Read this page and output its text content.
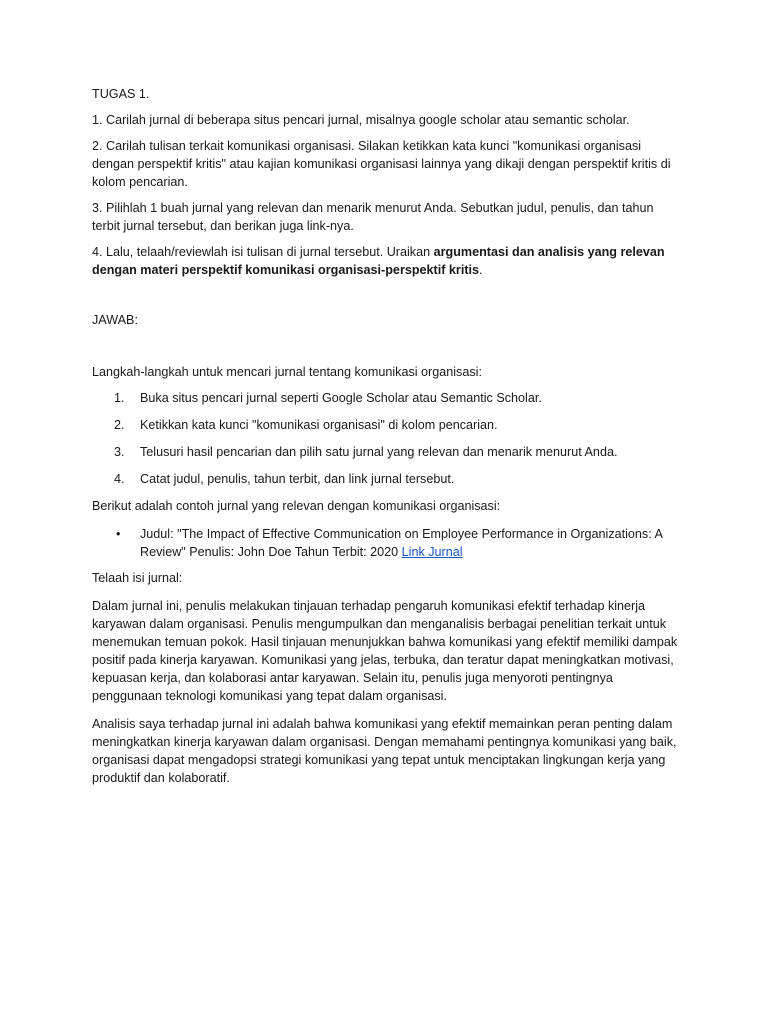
TUGAS 1.

1. Carilah jurnal di beberapa situs pencari jurnal, misalnya google scholar atau semantic scholar.

2. Carilah tulisan terkait komunikasi organisasi. Silakan ketikkan kata kunci "komunikasi organisasi dengan perspektif kritis" atau kajian komunikasi organisasi lainnya yang dikaji dengan perspektif kritis di kolom pencarian.

3. Pilihlah 1 buah jurnal yang relevan dan menarik menurut Anda. Sebutkan judul, penulis, dan tahun terbit jurnal tersebut, dan berikan juga link-nya.

4. Lalu, telaah/reviewlah isi tulisan di jurnal tersebut. Uraikan argumentasi dan analisis yang relevan dengan materi perspektif komunikasi organisasi-perspektif kritis.

JAWAB:

Langkah-langkah untuk mencari jurnal tentang komunikasi organisasi:

1. Buka situs pencari jurnal seperti Google Scholar atau Semantic Scholar.
2. Ketikkan kata kunci "komunikasi organisasi" di kolom pencarian.
3. Telusuri hasil pencarian dan pilih satu jurnal yang relevan dan menarik menurut Anda.
4. Catat judul, penulis, tahun terbit, dan link jurnal tersebut.

Berikut adalah contoh jurnal yang relevan dengan komunikasi organisasi:

• Judul: "The Impact of Effective Communication on Employee Performance in Organizations: A Review" Penulis: John Doe Tahun Terbit: 2020 Link Jurnal

Telaah isi jurnal:

Dalam jurnal ini, penulis melakukan tinjauan terhadap pengaruh komunikasi efektif terhadap kinerja karyawan dalam organisasi. Penulis mengumpulkan dan menganalisis berbagai penelitian terkait untuk menemukan temuan pokok. Hasil tinjauan menunjukkan bahwa komunikasi yang efektif memiliki dampak positif pada kinerja karyawan. Komunikasi yang jelas, terbuka, dan teratur dapat meningkatkan motivasi, kepuasan kerja, dan kolaborasi antar karyawan. Selain itu, penulis juga menyoroti pentingnya penggunaan teknologi komunikasi yang tepat dalam organisasi.

Analisis saya terhadap jurnal ini adalah bahwa komunikasi yang efektif memainkan peran penting dalam meningkatkan kinerja karyawan dalam organisasi. Dengan memahami pentingnya komunikasi yang baik, organisasi dapat mengadopsi strategi komunikasi yang tepat untuk menciptakan lingkungan kerja yang produktif dan kolaboratif.
